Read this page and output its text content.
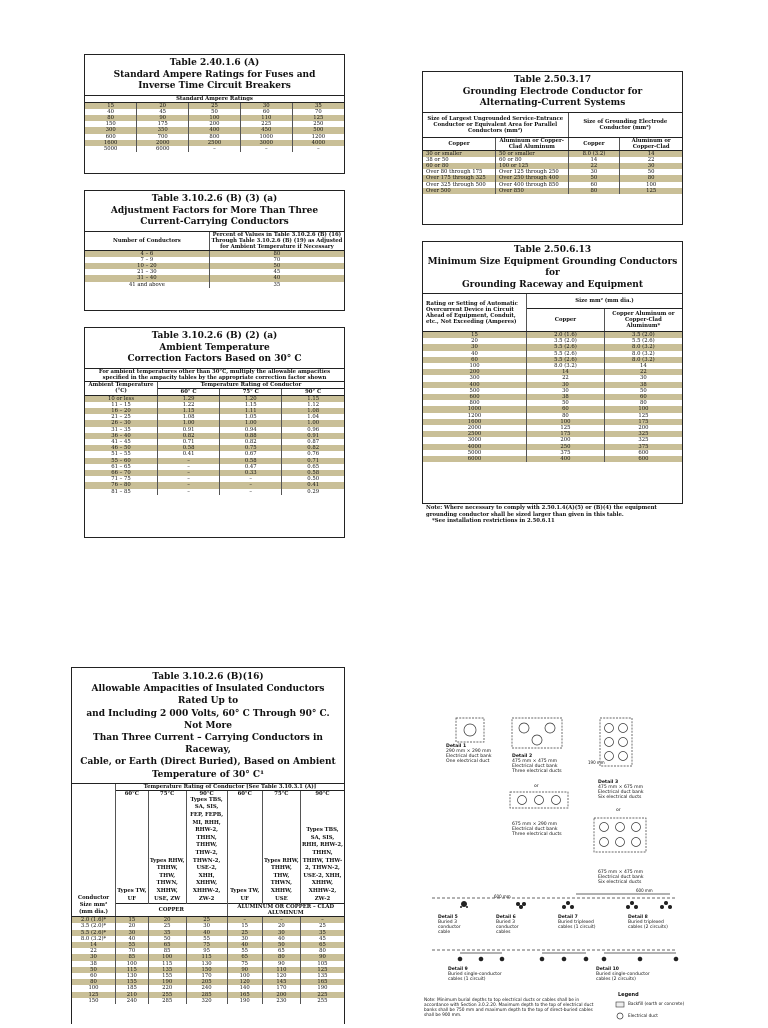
Table 2.40.1.6 (A)
Standard Ampere Ratings for Fuses and
Inverse Time Circuit Breakers
Standard Ampere Ratings				
15	20	25	30	35
40	45	50	60	70
80	90	100	110	125
150	175	200	225	250
300	350	400	450	500
600	700	800	1000	1200
1600	2000	2500	3000	4000
5000	6000	–	–	–
Table 3.10.2.6 (B) (3) (a)
Adjustment Factors for More Than Three
Current-Carrying Conductors
Number of Conductors	Percent of Values in Table 3.10.2.6 (B) (16) Through Table 3.10.2.6 (B) (19) as Adjusted for Ambient Temperature if Necessary
4 – 6	80
7 – 9	70
10 – 20	50
21 – 30	45
31 – 40	40
41 and above	35
Table 3.10.2.6 (B) (2) (a)
Ambient Temperature
Correction Factors Based on 30° C
For ambient temperatures other than 30°C, multiply the allowable ampacities specified in the ampacity tables by the appropriate correction factor shown			
Ambient Temperature (°C)	Temperature Rating of Conductor		
	60° C	75° C	90° C
10 or less	1.29	1.20	1.15
11 – 15	1.22	1.15	1.12
16 – 20	1.15	1.11	1.08
21 – 25	1.08	1.05	1.04
26 – 30	1.00	1.00	1.00
31 – 35	0.91	0.94	0.96
36 – 40	0.82	0.88	0.91
41 – 45	0.71	0.82	0.87
46 – 50	0.58	0.75	0.82
51 – 55	0.41	0.67	0.76
55 – 60	–	0.58	0.71
61 – 65	–	0.47	0.65
66 – 70	–	0.33	0.58
71 – 75	–	–	0.50
76 – 80	–	–	0.41
81 – 85	–	–	0.29
Table 2.50.3.17
Grounding Electrode Conductor for
Alternating-Current Systems
Size of Largest Ungrounded Service-Entrance Conductor or Equivalent Area for Parallel Conductors (mm²)		Size of Grounding Electrode Conductor (mm²)	
Copper	Aluminum or Copper-Clad Aluminum	Copper	Aluminum or Copper-Clad
30 or smaller	50 or smaller	8.0 (3.2)	14
38 or 50	60 or 80	14	22
60 or 80	100 or 125	22	30
Over 80 through 175	Over 125 through 250	30	50
Over 175 through 325	Over 250 through 400	50	80
Over 325 through 500	Over 400 through 850	60	100
Over 500	Over 850	80	125
Table 2.50.6.13
Minimum Size Equipment Grounding Conductors for
Grounding Raceway and Equipment
Rating or Setting of Automatic Overcurrent Device in Circuit Ahead of Equipment, Conduit, etc., Not Exceeding (Amperes)	Size mm² (mm dia.)	
	Copper	Copper Aluminum or Copper-Clad Aluminum*
15	2.0 (1.6)	3.5 (2.0)
20	3.5 (2.0)	5.5 (2.6)
30	5.5 (2.6)	8.0 (3.2)
40	5.5 (2.6)	8.0 (3.2)
60	5.5 (2.6)	8.0 (3.2)
100	8.0 (3.2)	14
200	14	22
300	22	30
400	30	38
500	30	50
600	38	60
800	50	80
1000	60	100
1200	80	125
1600	100	175
2000	125	200
2500	175	325
3000	200	325
4000	250	375
5000	375	600
6000	400	600
Note: Where necessary to comply with 2.50.1.4(A)(5) or (B)(4) the equipment grounding conductor shall be sized larger than given in this table.
*See installation restrictions in 2.50.6.11
Table 3.10.2.6 (B)(16)
Allowable Ampacities of Insulated Conductors Rated Up to
and Including 2 000 Volts, 60° C Through 90° C. Not More
Than Three Current – Carrying Conductors in Raceway,
Cable, or Earth (Direct Buried), Based on Ambient
Temperature of 30° C¹
	Temperature Rating of Conductor [See Table 3.10.3.1 (A)]					
	60°C	75°C	90°C	60°C	75°C	90°C
Conductor Size mm² (mm dia.)	Types TW, UF	Types RHW, THHW, THW, THWN, XHHW, USE, ZW	Types TBS, SA, SIS, FEP, FEPB, MI, RHH, RHW-2, THHN, THHW, THW-2, THWN-2, USE-2, XHH, XHHW, XHHW-2, ZW-2	Types TW, UF	Types RHW, THHW, THW, THWN, XHHW, USE	Types TBS, SA, SIS, RHH, RHW-2, THHN, THHW, THW-2, THWN-2, USE-2, XHH, XHHW, XHHW-2, ZW-2
	COPPER			ALUMINUM OR COPPER – CLAD ALUMINUM		
2.0 (1.6)*	15	20	25	–	–	–
3.5 (2.0)*	20	25	30	15	20	25
5.5 (2.6)*	30	35	40	25	30	35
8.0 (3.2)*	40	50	55	30	40	45
14	55	65	75	40	50	65
22	70	85	95	55	65	80
30	85	100	115	65	80	90
38	100	115	130	75	90	105
50	115	135	150	90	110	125
60	130	155	170	100	120	135
80	155	190	205	120	145	165
100	185	220	240	140	170	190
125	210	255	285	165	200	225
150	240	285	320	190	230	255
Detail 1
290 mm × 290 mm
Electrical duct bank
One electrical duct
Detail 2
475 mm × 475 mm
Electrical duct bank
Three electrical ducts
or
675 mm × 290 mm
Electrical duct bank
Three electrical ducts
190 mm
Detail 3
475 mm × 675 mm
Electrical duct bank
Six electrical ducts
or
675 mm × 475 mm
Electrical duct bank
Six electrical ducts
600 mm
600 mm
Detail 5
Buried 3
conductor
cable
Detail 6
Buried 3
conductor
cables
Detail 7
Buried triplexed
cables (1 circuit)
Detail 8
Buried triplexed
cables (2 circuits)
Detail 9
Buried single-conductor
cables (1 circuit)
Detail 10
Buried single-conductor
cables (2 circuits)
Note: Minimum burial depths to top electrical ducts or cables shall be in accordance with Section 3.0.2.20. Maximum depth to the top of electrical duct banks shall be 750 mm and maximum depth to the top of direct-buried cables shall be 900 mm.
Legend
Backfill (earth or concrete)
Electrical duct
